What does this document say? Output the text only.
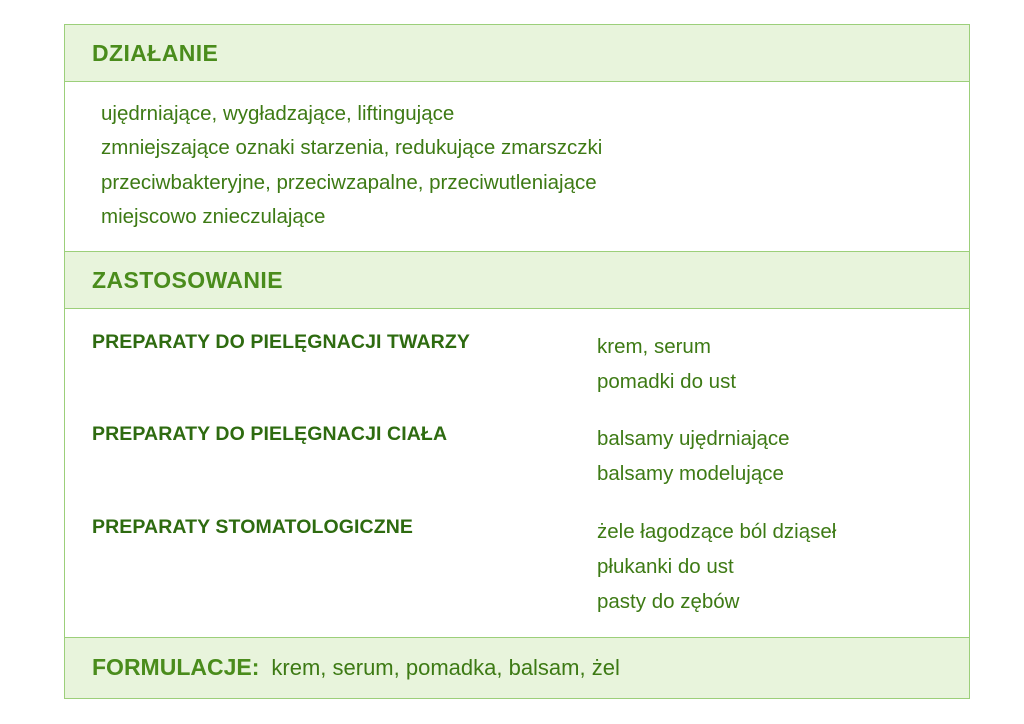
DZIAŁANIE
ujędrniające, wygładzające, liftingujące
zmniejszające oznaki starzenia, redukujące zmarszczki
przeciwbakteryjne, przeciwzapalne, przeciwutleniające
miejscowo znieczulające
ZASTOSOWANIE
PREPARATY DO PIELĘGNACJI TWARZY	krem, serum
pomadki do ust
PREPARATY DO PIELĘGNACJI CIAŁA	balsamy ujędrniające
balsamy modelujące
PREPARATY STOMATOLOGICZNE	żele łagodzące ból dziąseł
płukanki do ust
pasty do zębów
FORMULACJE: krem, serum, pomadka, balsam, żel
